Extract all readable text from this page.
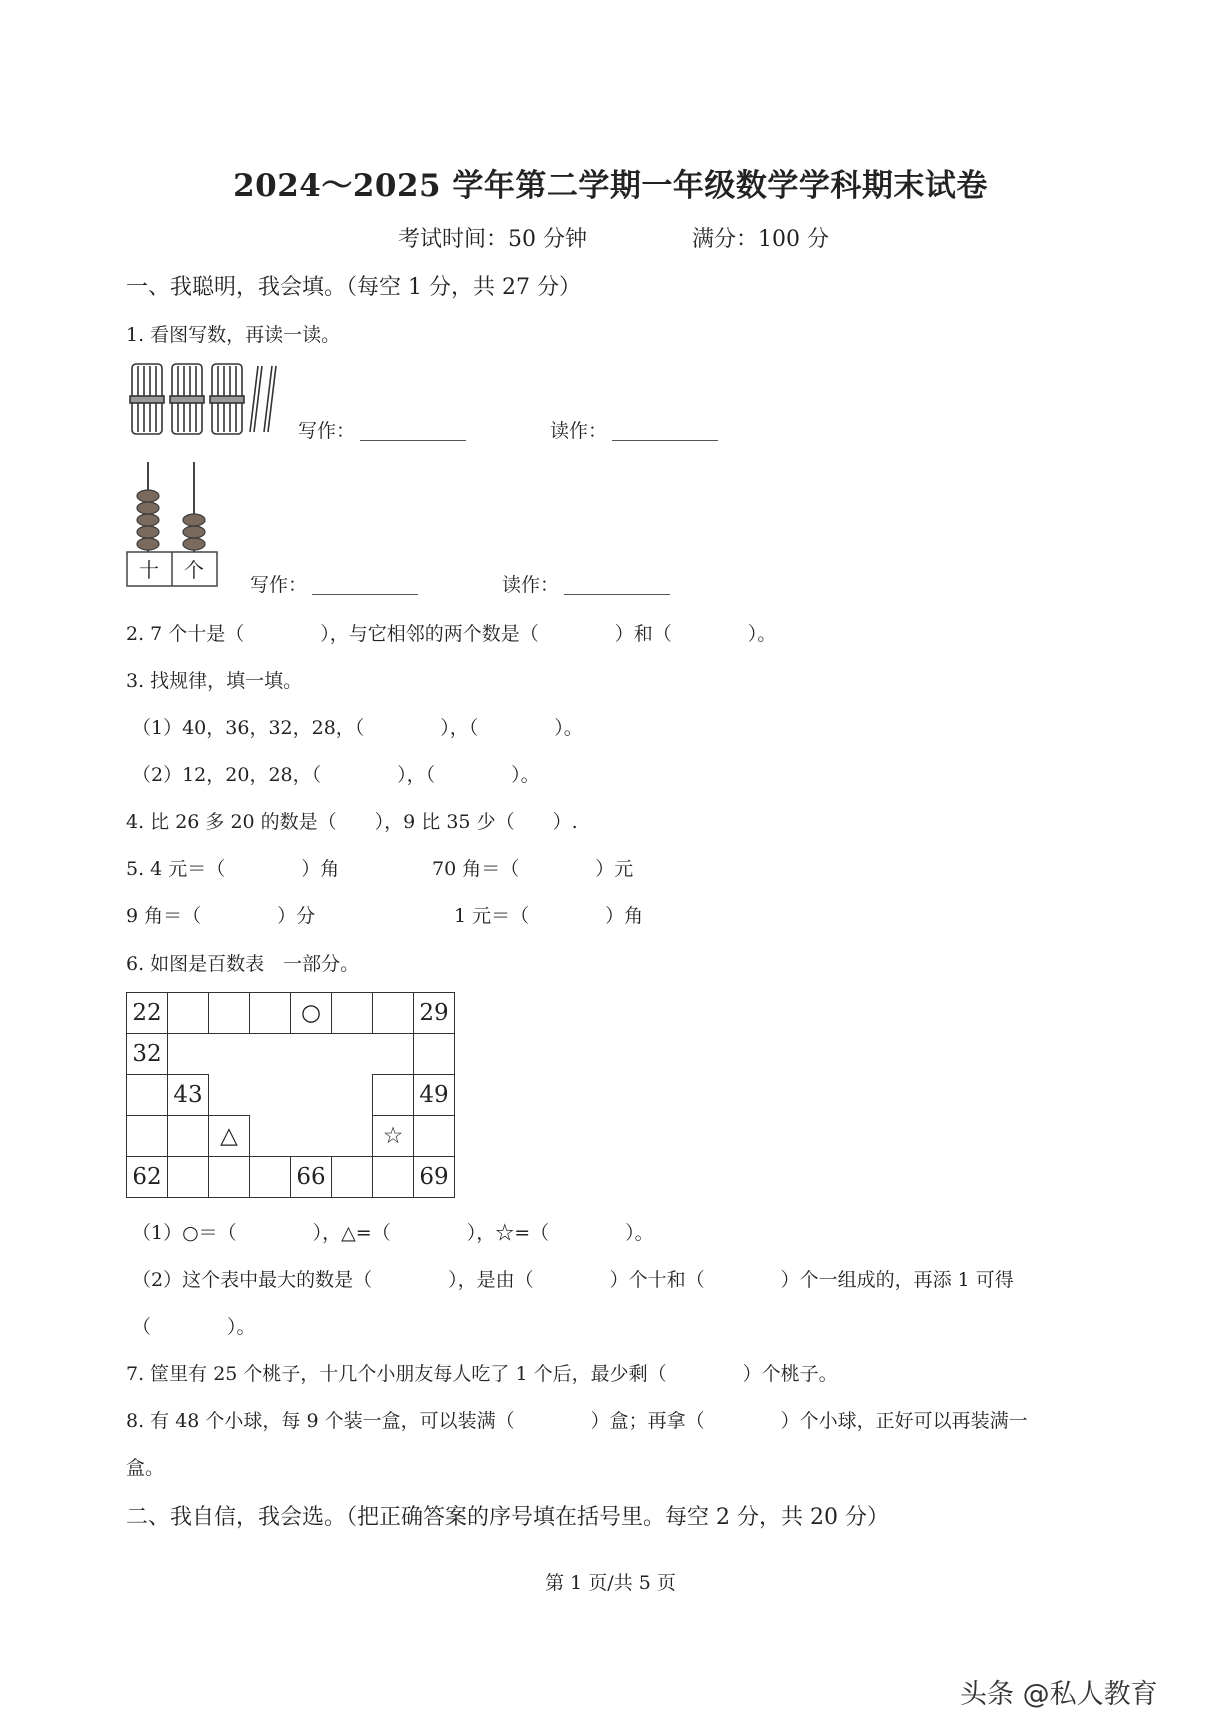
2024～2025 学年第二学期一年级数学学科期末试卷
考试时间：50 分钟	满分：100 分
一、我聪明，我会填。（每空 1 分，共 27 分）
1. 看图写数，再读一读。
写作：	读作：
十 个
写作：	读作：
2. 7 个十是（　　　　），与它相邻的两个数是（　　　　）和（　　　　）。
3. 找规律，填一填。
（1）40，36，32，28，（　　　　），（　　　　）。
（2）12，20，28，（　　　　），（　　　　）。
4. 比 26 多 20 的数是（　　），9 比 35 少（　　）.
5. 4 元＝（　　　　）角	70 角＝（　　　　）元
9 角＝（　　　　）分	1 元＝（　　　　）角
6. 如图是百数表　一部分。
22				○			29
32							
	43						49
		△				☆	
62				66			69
（1）○＝（　　　　），△=（　　　　），☆=（　　　　）。
（2）这个表中最大的数是（　　　　），是由（　　　　）个十和（　　　　）个一组成的，再添 1 可得
（　　　　）。
7. 筐里有 25 个桃子，十几个小朋友每人吃了 1 个后，最少剩（　　　　）个桃子。
8. 有 48 个小球，每 9 个装一盒，可以装满（　　　　）盒；再拿（　　　　）个小球，正好可以再装满一
盒。
二、我自信，我会选。（把正确答案的序号填在括号里。每空 2 分，共 20 分）
第 1 页/共 5 页
头条 @私人教育
